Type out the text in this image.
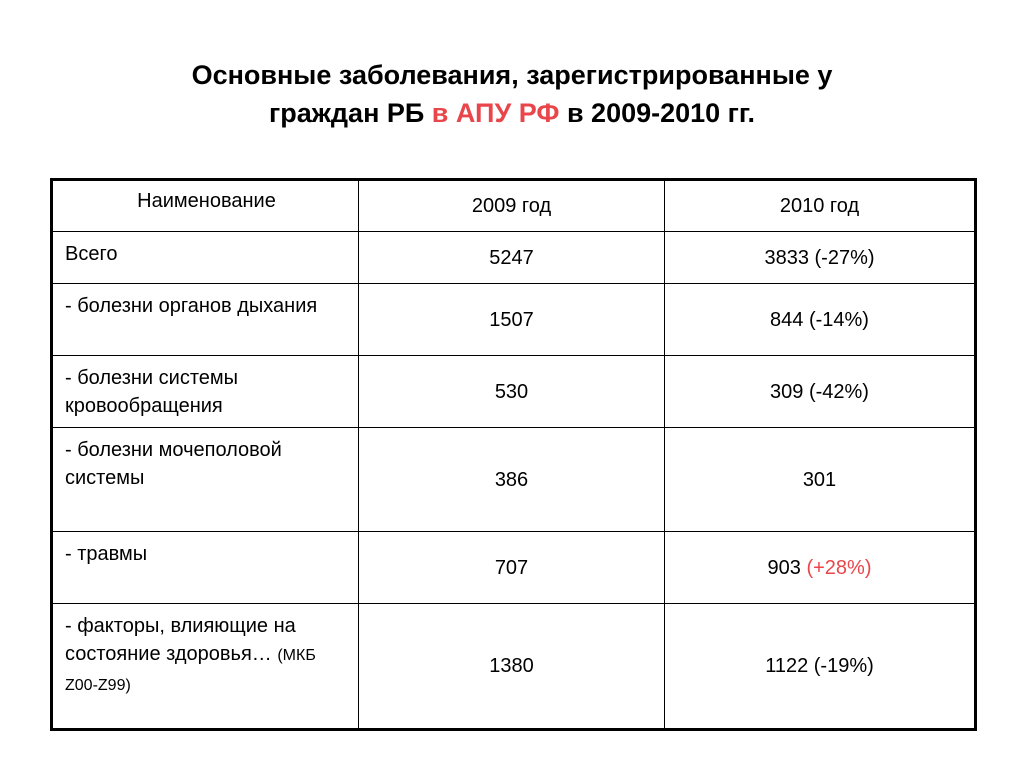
Основные заболевания, зарегистрированные у
граждан РБ в АПУ РФ в 2009-2010 гг.
Наименование	2009 год	2010 год
Всего	5247	3833 (-27%)
- болезни органов дыхания	1507	844 (-14%)
- болезни системы кровообращения	530	309 (-42%)
- болезни мочеполовой системы	386	301
- травмы	707	903 (+28%)
- факторы, влияющие на состояние здоровья… (МКБ Z00-Z99)	1380	1122 (-19%)
